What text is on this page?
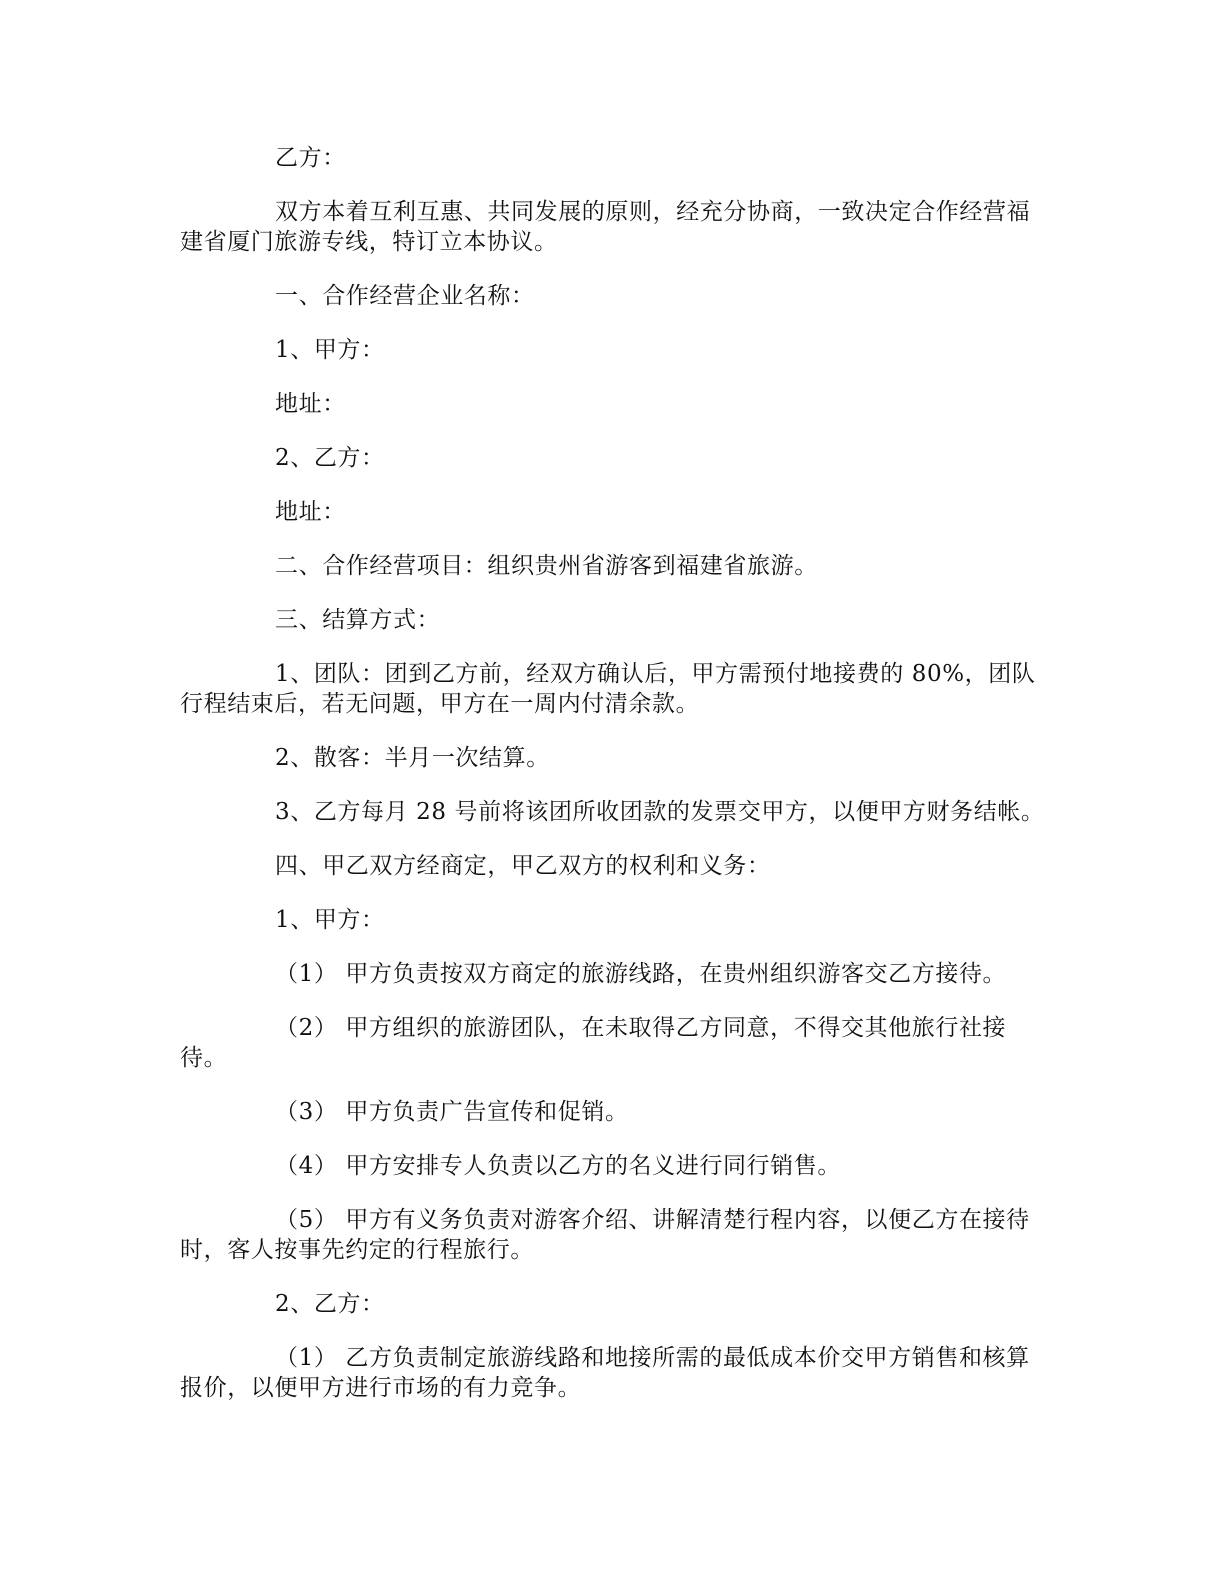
乙方：
双方本着互利互惠、共同发展的原则，经充分协商，一致决定合作经营福
建省厦门旅游专线，特订立本协议。
一、合作经营企业名称：
1、甲方：
地址：
2、乙方：
地址：
二、合作经营项目：组织贵州省游客到福建省旅游。
三、结算方式：
1、团队：团到乙方前，经双方确认后，甲方需预付地接费的 80%，团队
行程结束后，若无问题，甲方在一周内付清余款。
2、散客：半月一次结算。
3、乙方每月 28 号前将该团所收团款的发票交甲方，以便甲方财务结帐。
四、甲乙双方经商定，甲乙双方的权利和义务：
1、甲方：
（1） 甲方负责按双方商定的旅游线路，在贵州组织游客交乙方接待。
（2） 甲方组织的旅游团队，在未取得乙方同意，不得交其他旅行社接
待。
（3） 甲方负责广告宣传和促销。
（4） 甲方安排专人负责以乙方的名义进行同行销售。
（5） 甲方有义务负责对游客介绍、讲解清楚行程内容，以便乙方在接待
时，客人按事先约定的行程旅行。
2、乙方：
（1） 乙方负责制定旅游线路和地接所需的最低成本价交甲方销售和核算
报价，以便甲方进行市场的有力竞争。
